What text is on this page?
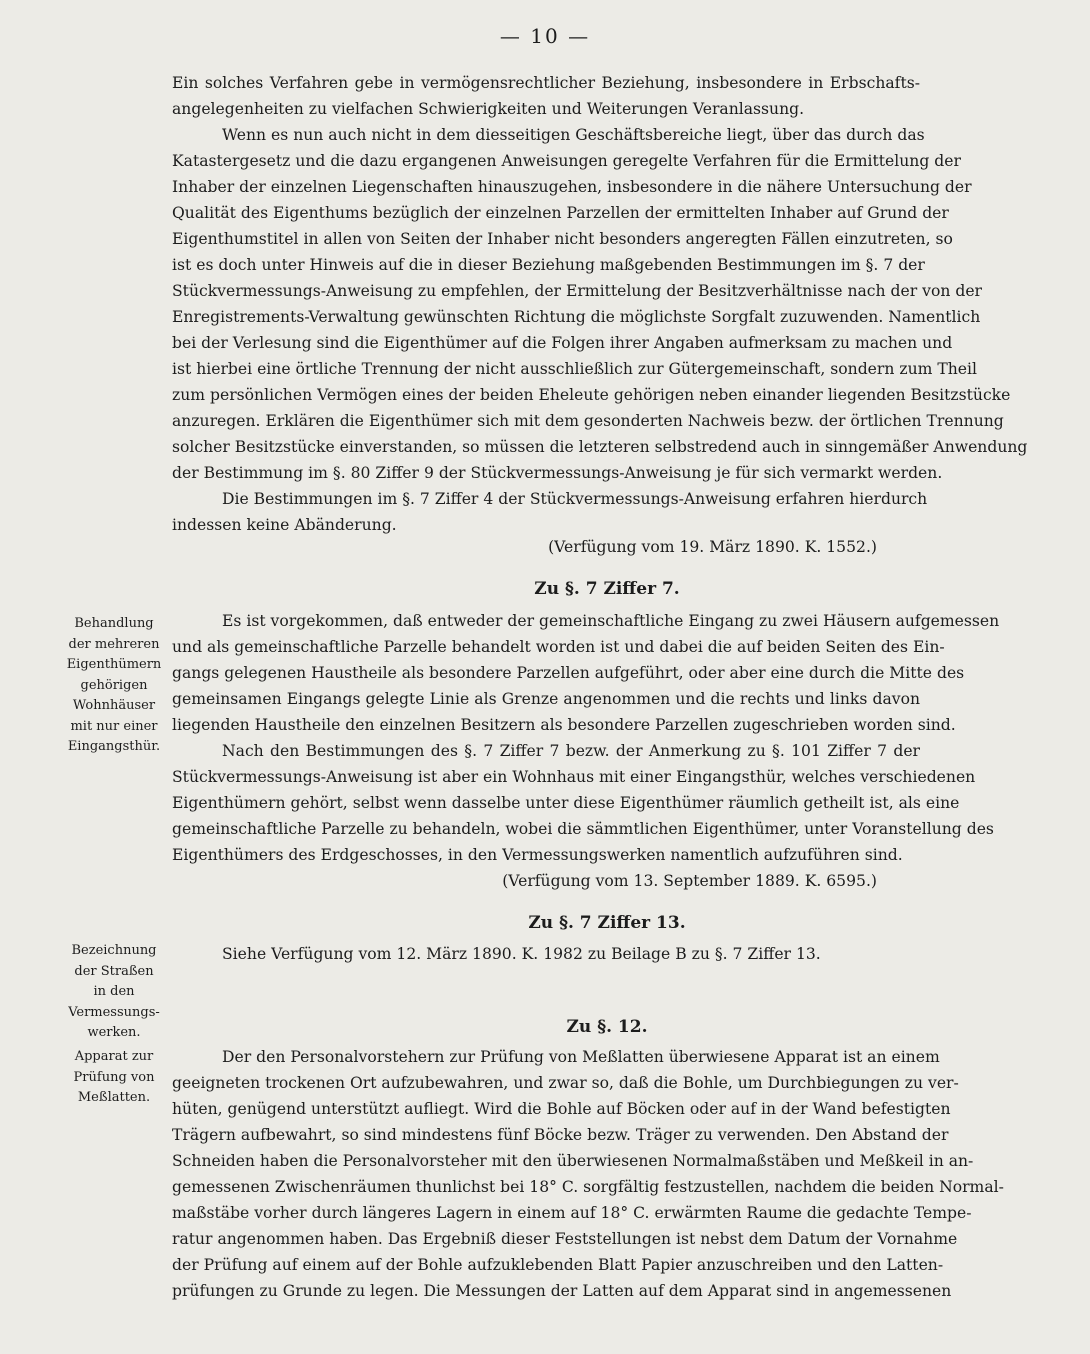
— 10 —
Ein solches Verfahren gebe in vermögensrechtlicher Beziehung, insbesondere in Erbschafts-
angelegenheiten zu vielfachen Schwierigkeiten und Weiterungen Veranlassung.
Wenn es nun auch nicht in dem diesseitigen Geschäftsbereiche liegt, über das durch das
Katastergesetz und die dazu ergangenen Anweisungen geregelte Verfahren für die Ermittelung der
Inhaber der einzelnen Liegenschaften hinauszugehen, insbesondere in die nähere Untersuchung der
Qualität des Eigenthums bezüglich der einzelnen Parzellen der ermittelten Inhaber auf Grund der
Eigenthumstitel in allen von Seiten der Inhaber nicht besonders angeregten Fällen einzutreten, so
ist es doch unter Hinweis auf die in dieser Beziehung maßgebenden Bestimmungen im §. 7 der
Stückvermessungs-Anweisung zu empfehlen, der Ermittelung der Besitzverhältnisse nach der von der
Enregistrements-Verwaltung gewünschten Richtung die möglichste Sorgfalt zuzuwenden. Namentlich
bei der Verlesung sind die Eigenthümer auf die Folgen ihrer Angaben aufmerksam zu machen und
ist hierbei eine örtliche Trennung der nicht ausschließlich zur Gütergemeinschaft, sondern zum Theil
zum persönlichen Vermögen eines der beiden Eheleute gehörigen neben einander liegenden Besitzstücke
anzuregen. Erklären die Eigenthümer sich mit dem gesonderten Nachweis bezw. der örtlichen Trennung
solcher Besitzstücke einverstanden, so müssen die letzteren selbstredend auch in sinngemäßer Anwendung
der Bestimmung im §. 80 Ziffer 9 der Stückvermessungs-Anweisung je für sich vermarkt werden.
Die Bestimmungen im §. 7 Ziffer 4 der Stückvermessungs-Anweisung erfahren hierdurch
indessen keine Abänderung.
(Verfügung vom 19. März 1890. K. 1552.)
Zu §. 7 Ziffer 7.
Behandlung
der mehreren
Eigenthümern
gehörigen
Wohnhäuser
mit nur einer
Eingangsthür.
Es ist vorgekommen, daß entweder der gemeinschaftliche Eingang zu zwei Häusern aufgemessen
und als gemeinschaftliche Parzelle behandelt worden ist und dabei die auf beiden Seiten des Ein-
gangs gelegenen Haustheile als besondere Parzellen aufgeführt, oder aber eine durch die Mitte des
gemeinsamen Eingangs gelegte Linie als Grenze angenommen und die rechts und links davon
liegenden Haustheile den einzelnen Besitzern als besondere Parzellen zugeschrieben worden sind.
Nach den Bestimmungen des §. 7 Ziffer 7 bezw. der Anmerkung zu §. 101 Ziffer 7 der
Stückvermessungs-Anweisung ist aber ein Wohnhaus mit einer Eingangsthür, welches verschiedenen
Eigenthümern gehört, selbst wenn dasselbe unter diese Eigenthümer räumlich getheilt ist, als eine
gemeinschaftliche Parzelle zu behandeln, wobei die sämmtlichen Eigenthümer, unter Voranstellung des
Eigenthümers des Erdgeschosses, in den Vermessungswerken namentlich aufzuführen sind.
(Verfügung vom 13. September 1889. K. 6595.)
Zu §. 7 Ziffer 13.
Bezeichnung
der Straßen
in den
Vermessungs-
werken.
Siehe Verfügung vom 12. März 1890. K. 1982 zu Beilage B zu §. 7 Ziffer 13.
Zu §. 12.
Apparat zur
Prüfung von
Meßlatten.
Der den Personalvorstehern zur Prüfung von Meßlatten überwiesene Apparat ist an einem
geeigneten trockenen Ort aufzubewahren, und zwar so, daß die Bohle, um Durchbiegungen zu ver-
hüten, genügend unterstützt aufliegt. Wird die Bohle auf Böcken oder auf in der Wand befestigten
Trägern aufbewahrt, so sind mindestens fünf Böcke bezw. Träger zu verwenden. Den Abstand der
Schneiden haben die Personalvorsteher mit den überwiesenen Normalmaßstäben und Meßkeil in an-
gemessenen Zwischenräumen thunlichst bei 18° C. sorgfältig festzustellen, nachdem die beiden Normal-
maßstäbe vorher durch längeres Lagern in einem auf 18° C. erwärmten Raume die gedachte Tempe-
ratur angenommen haben. Das Ergebniß dieser Feststellungen ist nebst dem Datum der Vornahme
der Prüfung auf einem auf der Bohle aufzuklebenden Blatt Papier anzuschreiben und den Latten-
prüfungen zu Grunde zu legen. Die Messungen der Latten auf dem Apparat sind in angemessenen
